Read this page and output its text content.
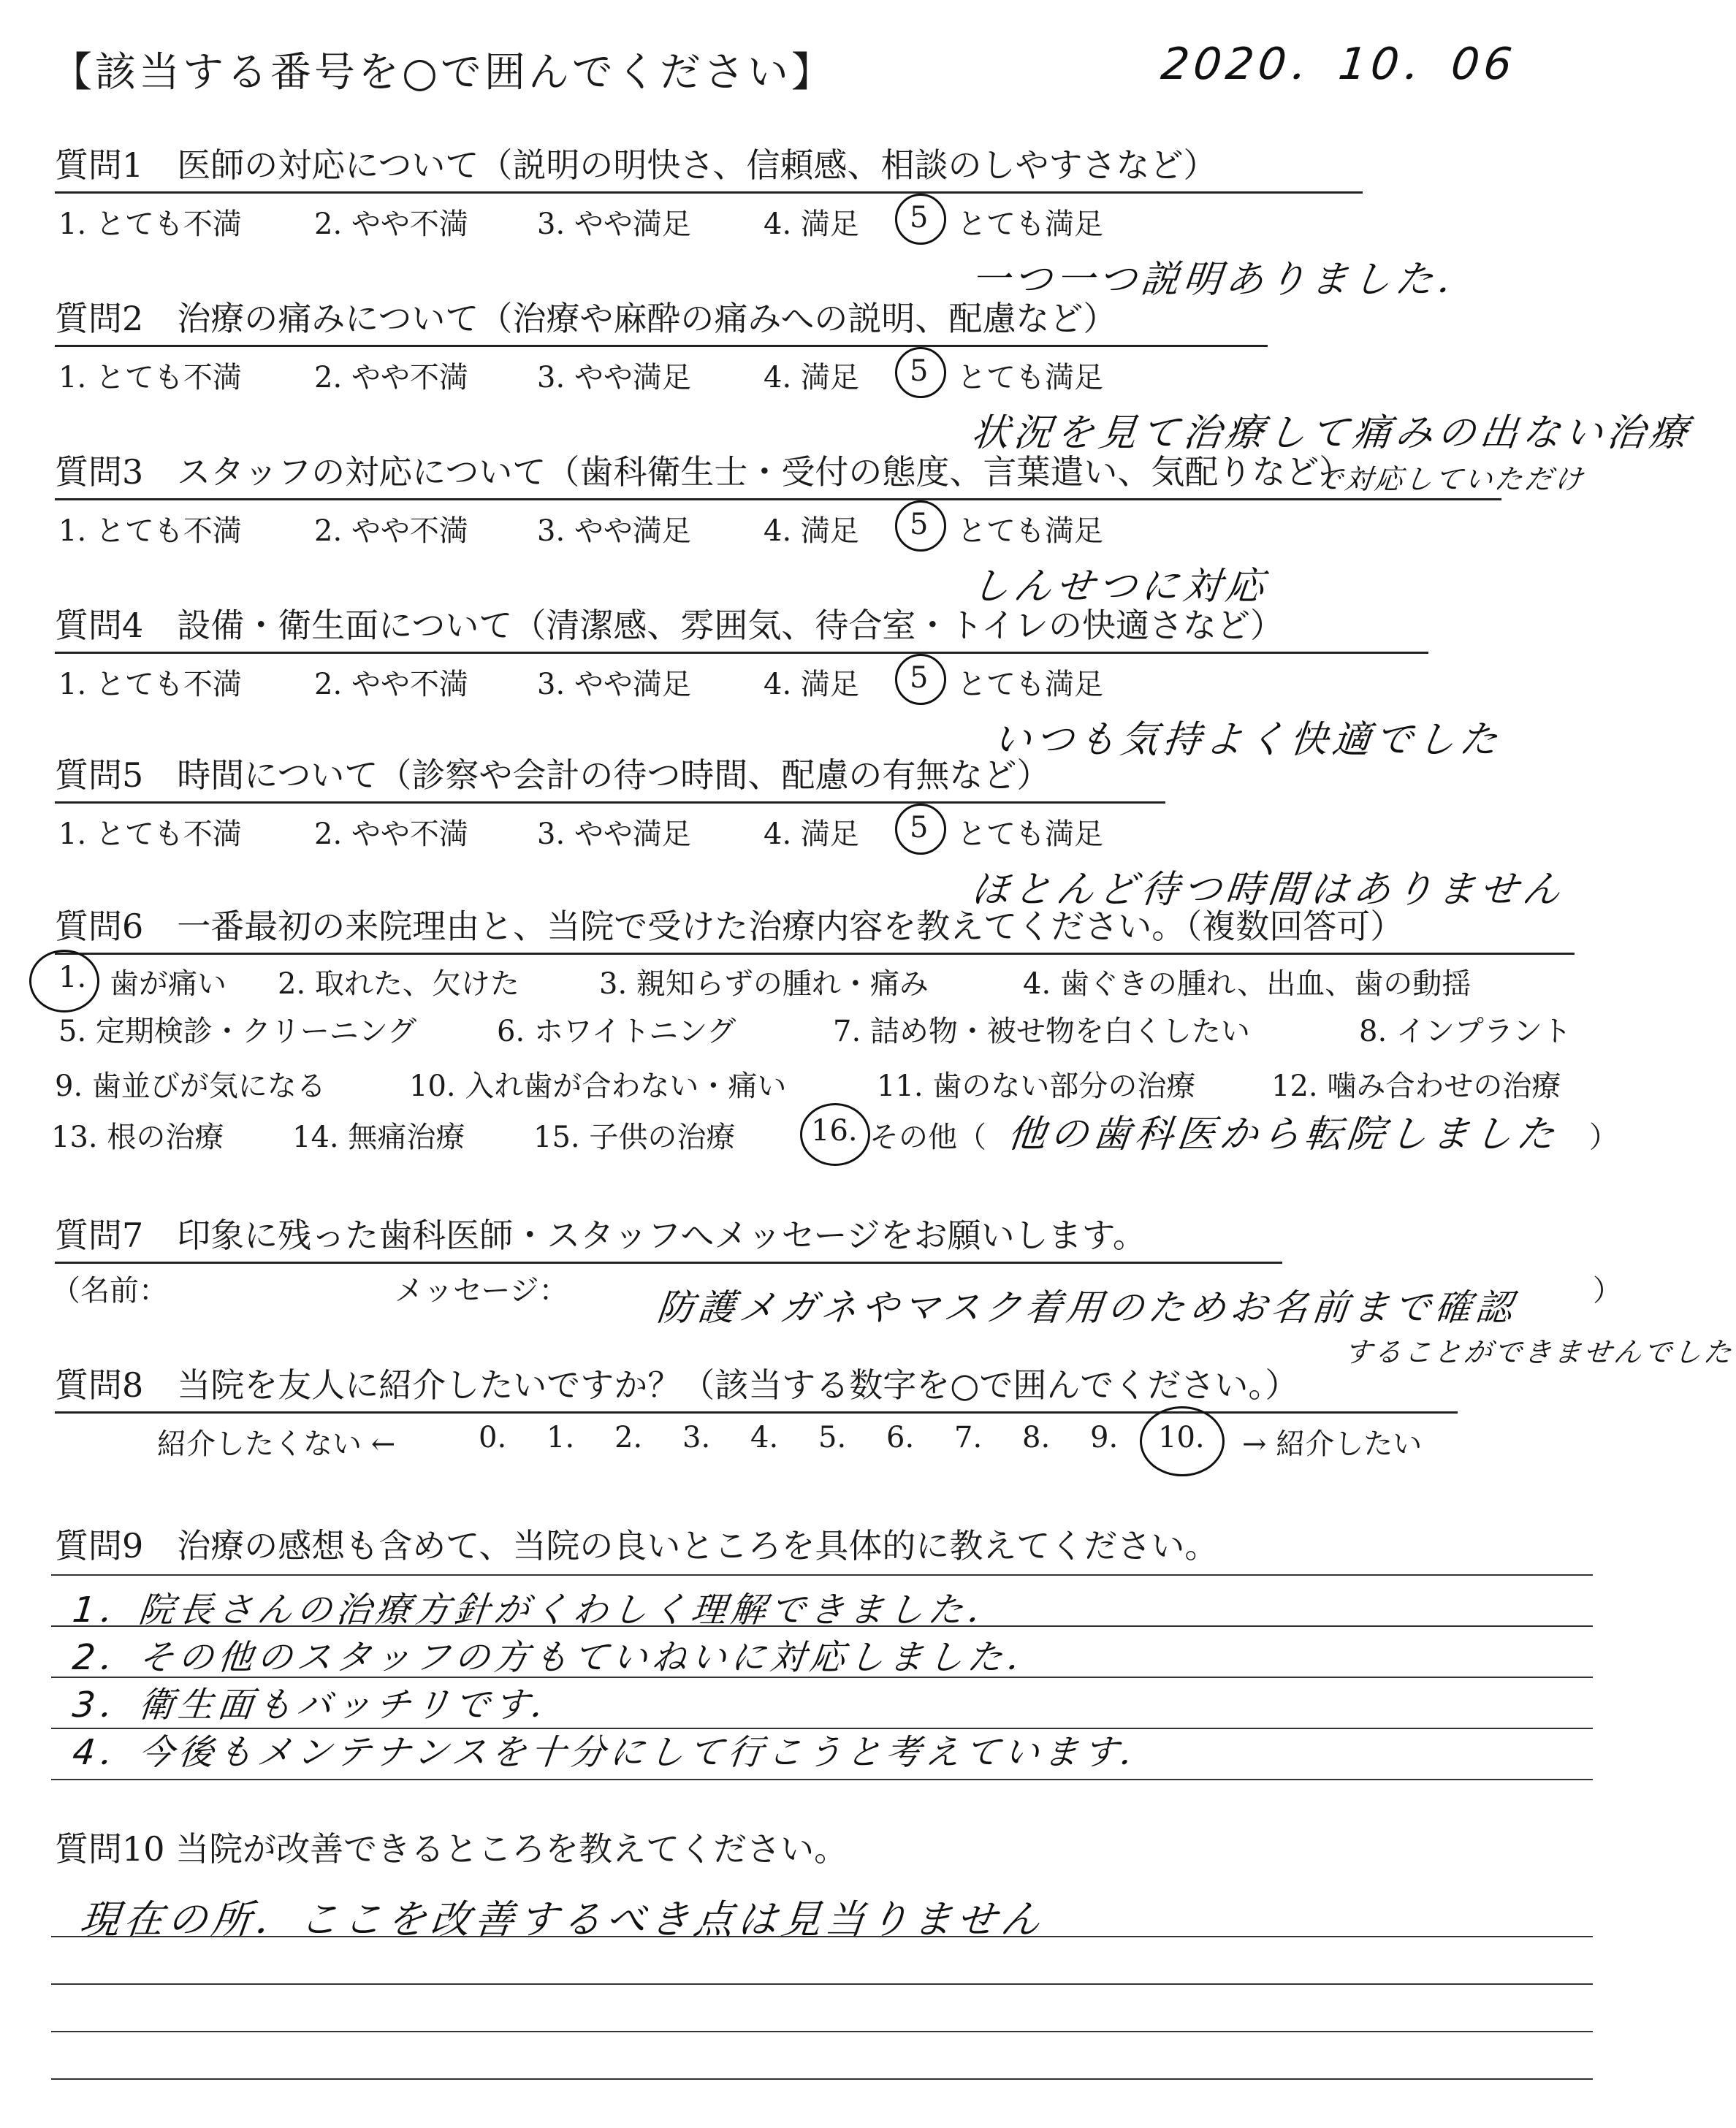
【該当する番号を○で囲んでください】	2020．10．06
質問1　医師の対応について（説明の明快さ、信頼感、相談のしやすさなど）
1. とても不満 2. やや不満 3. やや満足 4. 満足 5 とても満足
一つ一つ説明ありました．
質問2　治療の痛みについて（治療や麻酔の痛みへの説明、配慮など）
1. とても不満 2. やや不満 3. やや満足 4. 満足 5 とても満足
状況を見て治療して痛みの出ない治療
で対応していただけ
質問3　スタッフの対応について（歯科衛生士・受付の態度、言葉遣い、気配りなど）
1. とても不満 2. やや不満 3. やや満足 4. 満足 5 とても満足
しんせつに対応
質問4　設備・衛生面について（清潔感、雰囲気、待合室・トイレの快適さなど）
1. とても不満 2. やや不満 3. やや満足 4. 満足 5 とても満足
いつも気持よく快適でした
質問5　時間について（診察や会計の待つ時間、配慮の有無など）
1. とても不満 2. やや不満 3. やや満足 4. 満足 5 とても満足
ほとんど待つ時間はありません
質問6　一番最初の来院理由と、当院で受けた治療内容を教えてください。（複数回答可）
1. 歯が痛い 2. 取れた、欠けた	3. 親知らずの腫れ・痛み	4. 歯ぐきの腫れ、出血、歯の動揺
5. 定期検診・クリーニング	6. ホワイトニング	7. 詰め物・被せ物を白くしたい	8. インプラント
9. 歯並びが気になる	10. 入れ歯が合わない・痛い	11. 歯のない部分の治療	12. 噛み合わせの治療
13. 根の治療 14. 無痛治療 15. 子供の治療	16. その他（ 他の歯科医から転院しました ）
質問7　印象に残った歯科医師・スタッフへメッセージをお願いします。
（名前：	メッセージ：	）
防護メガネやマスク着用のためお名前まで確認
することができませんでした
質問8　当院を友人に紹介したいですか？（該当する数字を○で囲んでください。）
紹介したくない ←	0. 1. 2. 3. 4. 5. 6. 7. 8. 9. 10. → 紹介したい
質問9　治療の感想も含めて、当院の良いところを具体的に教えてください。
1．院長さんの治療方針がくわしく理解できました．
2．その他のスタッフの方もていねいに対応しました．
3．衛生面もバッチリです．
4．今後もメンテナンスを十分にして行こうと考えています．
質問10 当院が改善できるところを教えてください。
現在の所．ここを改善するべき点は見当りません
